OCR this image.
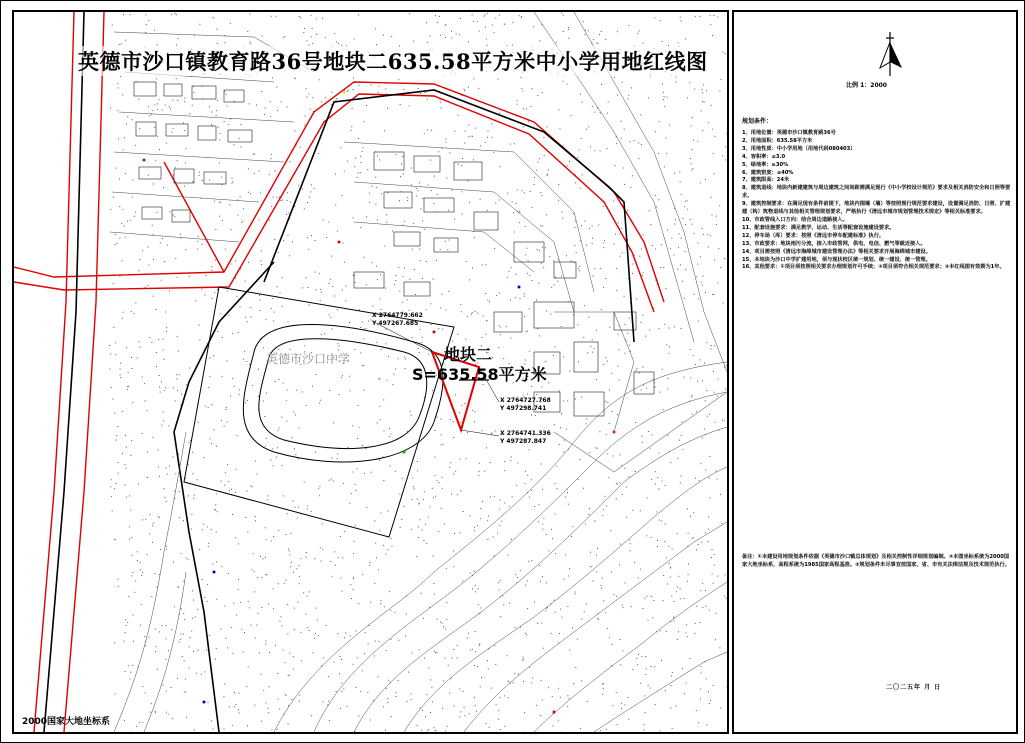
英德市沙口镇教育路36号地块二635.58平方米中小学用地红线图
X 2764779.662
Y 497267.685
X 2764727.768
Y 497298.741
X 2764741.336
Y 497287.847
英德市沙口中学	地块二
S=635.58平方米
2000国家大地坐标系
比例 1：2000
规划条件：
1、用地位置：英德市沙口镇教育路36号
2、用地面积：635.58平方米
3、用地性质：中小学用地（用地代码080403）
4、容积率：≤3.0
5、绿地率：≥30%
6、建筑密度：≤40%
7、建筑限高：24米
8、建筑退线：地块内新建建筑与周边建筑之间间距需满足现行《中小学校设计规范》要求及相关消防安全和日照等要求。
9、建筑控制要求：在满足现有条件前提下，地块内围墙（墙）等按照现行规范要求建设，设置满足消防、日照、扩建建（构）筑物退线与其他相关管理规划要求，严格执行《清远市城市规划管理技术规定》等相关标准要求。
10、市政管线入口方向：结合周边道路接入。
11、配套设施要求：满足教学、运动、生活等配套设施建设要求。
12、停车场（库）要求：按照《清远市停车配建标准》执行。
13、市政要求：地块雨污分流，接入市政管网，供电、电信、燃气等就近接入。
14、项目需按照《清远市海绵城市建设管理办法》等相关要求开展海绵城市建设。
15、本地块为沙口中学扩建用地，须与现状校区统一规划、统一建设、统一管理。
16、其他要求：①项目须按照相关要求办理规划许可手续；②项目须符合相关规范要求；③本红线图有效期为1年。
备注：①本建设用地规划条件依据《英德市沙口镇总体规划》及相关控制性详细规划编制。②本图坐标系统为2000国家大地坐标系，高程系统为1985国家高程基准。③规划条件未尽事宜按国家、省、市有关法律法规及技术规范执行。
二〇二五年 月 日
